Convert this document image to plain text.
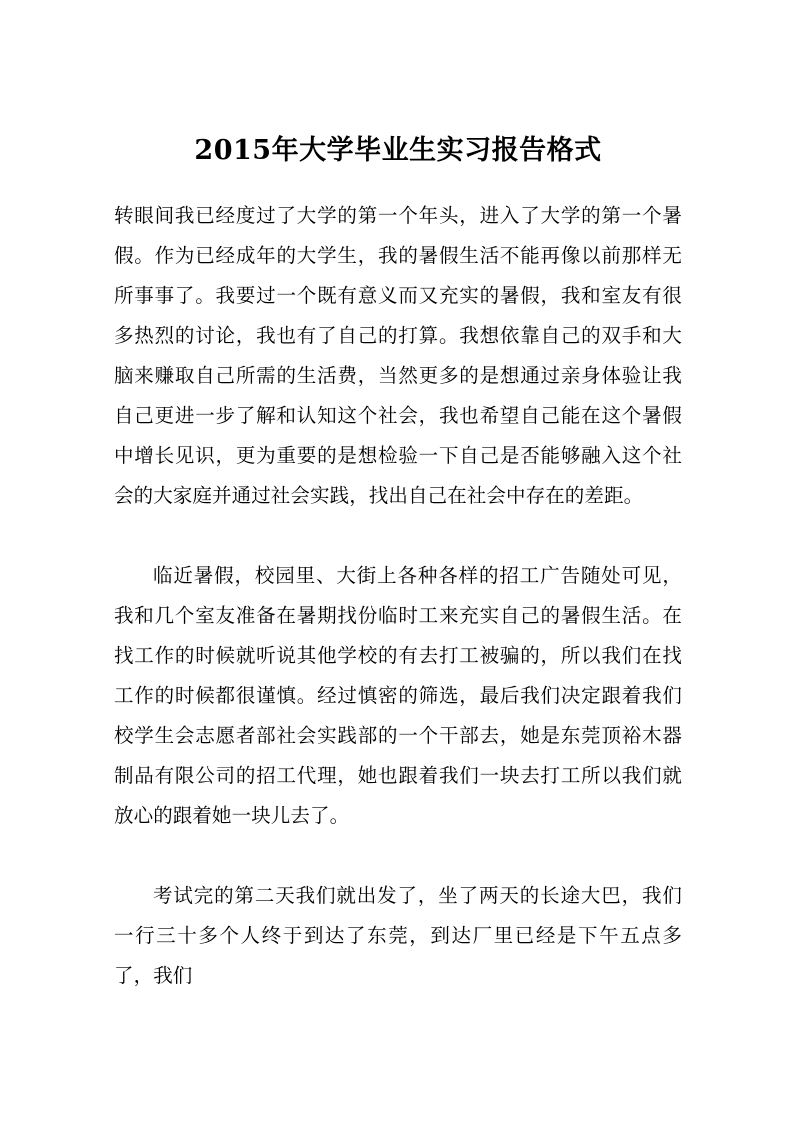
2015年大学毕业生实习报告格式

转眼间我已经度过了大学的第一个年头，进入了大学的第一个暑假。作为已经成年的大学生，我的暑假生活不能再像以前那样无所事事了。我要过一个既有意义而又充实的暑假，我和室友有很多热烈的讨论，我也有了自己的打算。我想依靠自己的双手和大脑来赚取自己所需的生活费，当然更多的是想通过亲身体验让我自己更进一步了解和认知这个社会，我也希望自己能在这个暑假中增长见识，更为重要的是想检验一下自己是否能够融入这个社会的大家庭并通过社会实践，找出自己在社会中存在的差距。

临近暑假，校园里、大街上各种各样的招工广告随处可见，我和几个室友准备在暑期找份临时工来充实自己的暑假生活。在找工作的时候就听说其他学校的有去打工被骗的，所以我们在找工作的时候都很谨慎。经过慎密的筛选，最后我们决定跟着我们校学生会志愿者部社会实践部的一个干部去，她是东莞顶裕木器制品有限公司的招工代理，她也跟着我们一块去打工所以我们就放心的跟着她一块儿去了。

考试完的第二天我们就出发了，坐了两天的长途大巴，我们一行三十多个人终于到达了东莞，到达厂里已经是下午五点多了，我们
